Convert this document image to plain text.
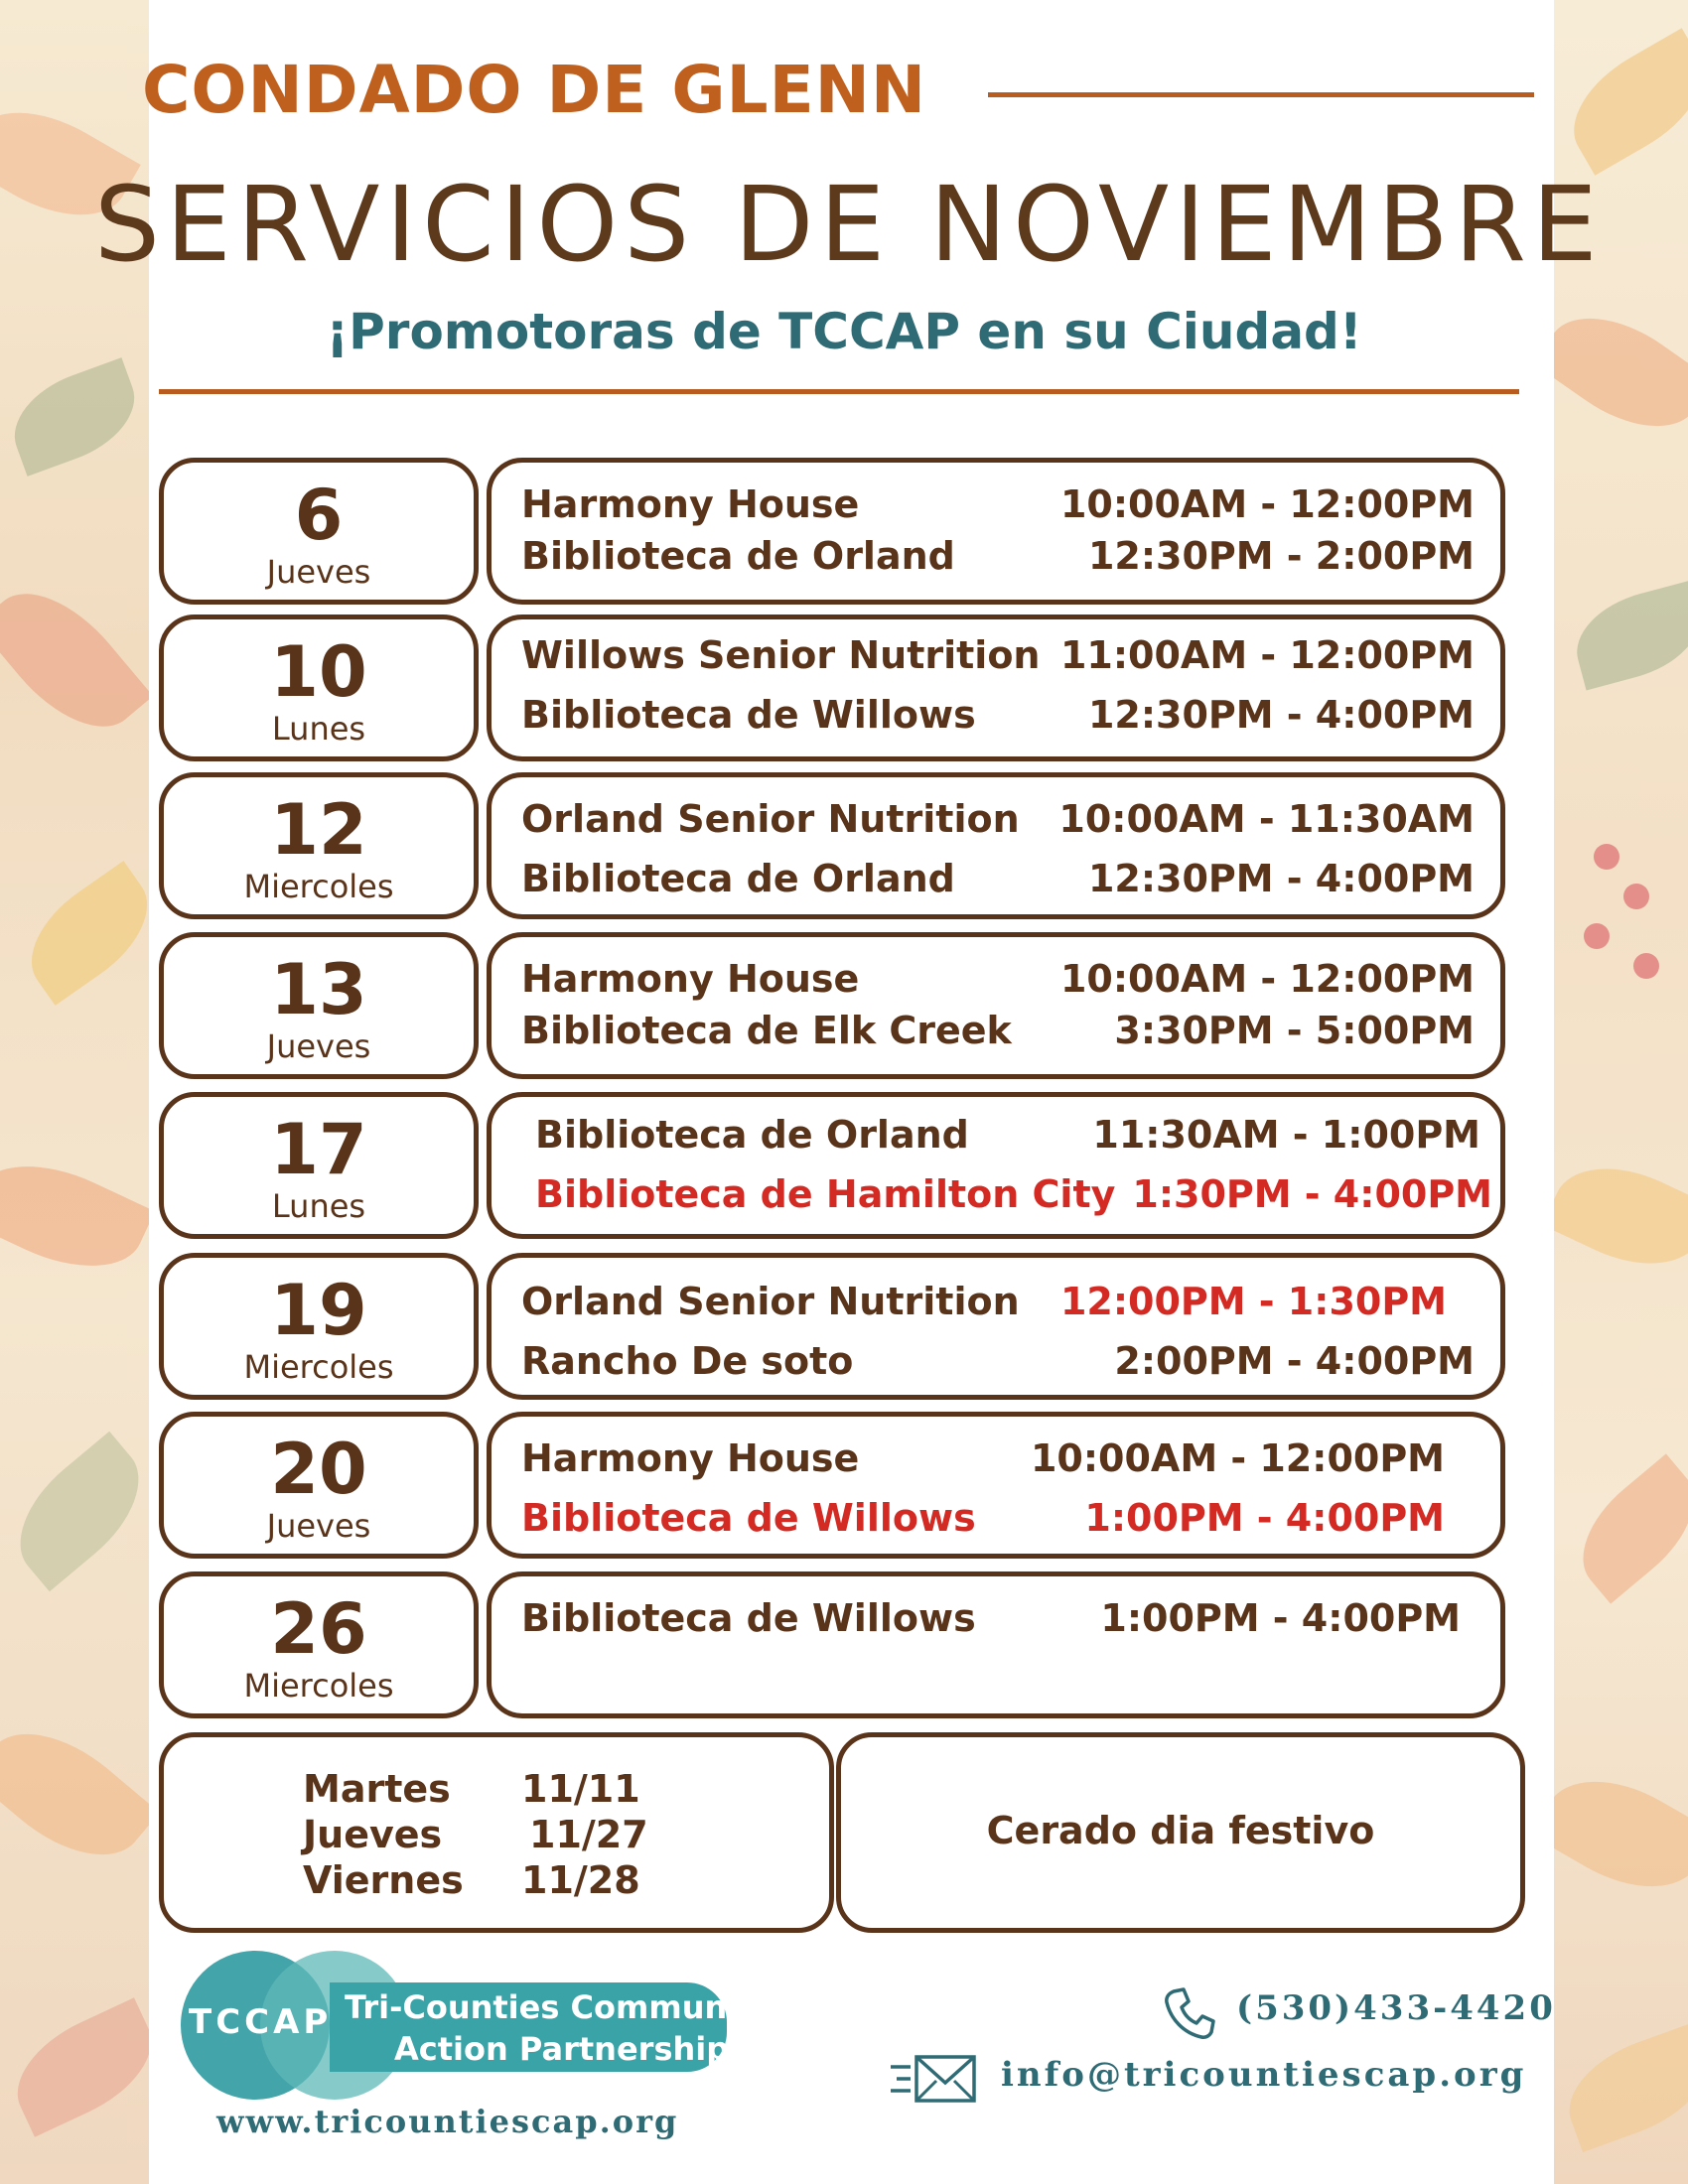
CONDADO DE GLENN
SERVICIOS DE NOVIEMBRE
¡Promotoras de TCCAP en su Ciudad!
6
Jueves
Harmony House	10:00AM - 12:00PM
Biblioteca de Orland	12:30PM - 2:00PM
10
Lunes
Willows Senior Nutrition 11:00AM - 12:00PM
Biblioteca de Willows	12:30PM - 4:00PM
12
Miercoles
Orland Senior Nutrition 10:00AM - 11:30AM
Biblioteca de Orland	12:30PM - 4:00PM
13
Jueves
Harmony House	10:00AM - 12:00PM
Biblioteca de Elk Creek	3:30PM - 5:00PM
17
Lunes
Biblioteca de Orland	11:30AM - 1:00PM
Biblioteca de Hamilton City 1:30PM - 4:00PM
19
Miercoles
Orland Senior Nutrition 12:00PM - 1:30PM
Rancho De soto	2:00PM - 4:00PM
20
Jueves
Harmony House	10:00AM - 12:00PM
Biblioteca de Willows	1:00PM - 4:00PM
26
Miercoles
Biblioteca de Willows	1:00PM - 4:00PM
Martes 11/11
Jueves 11/27
Viernes 11/28
Cerado dia festivo
TCCAP Tri-Counties Community
Action Partnership
www.tricountiescap.org
(530)433-4420
info@tricountiescap.org
